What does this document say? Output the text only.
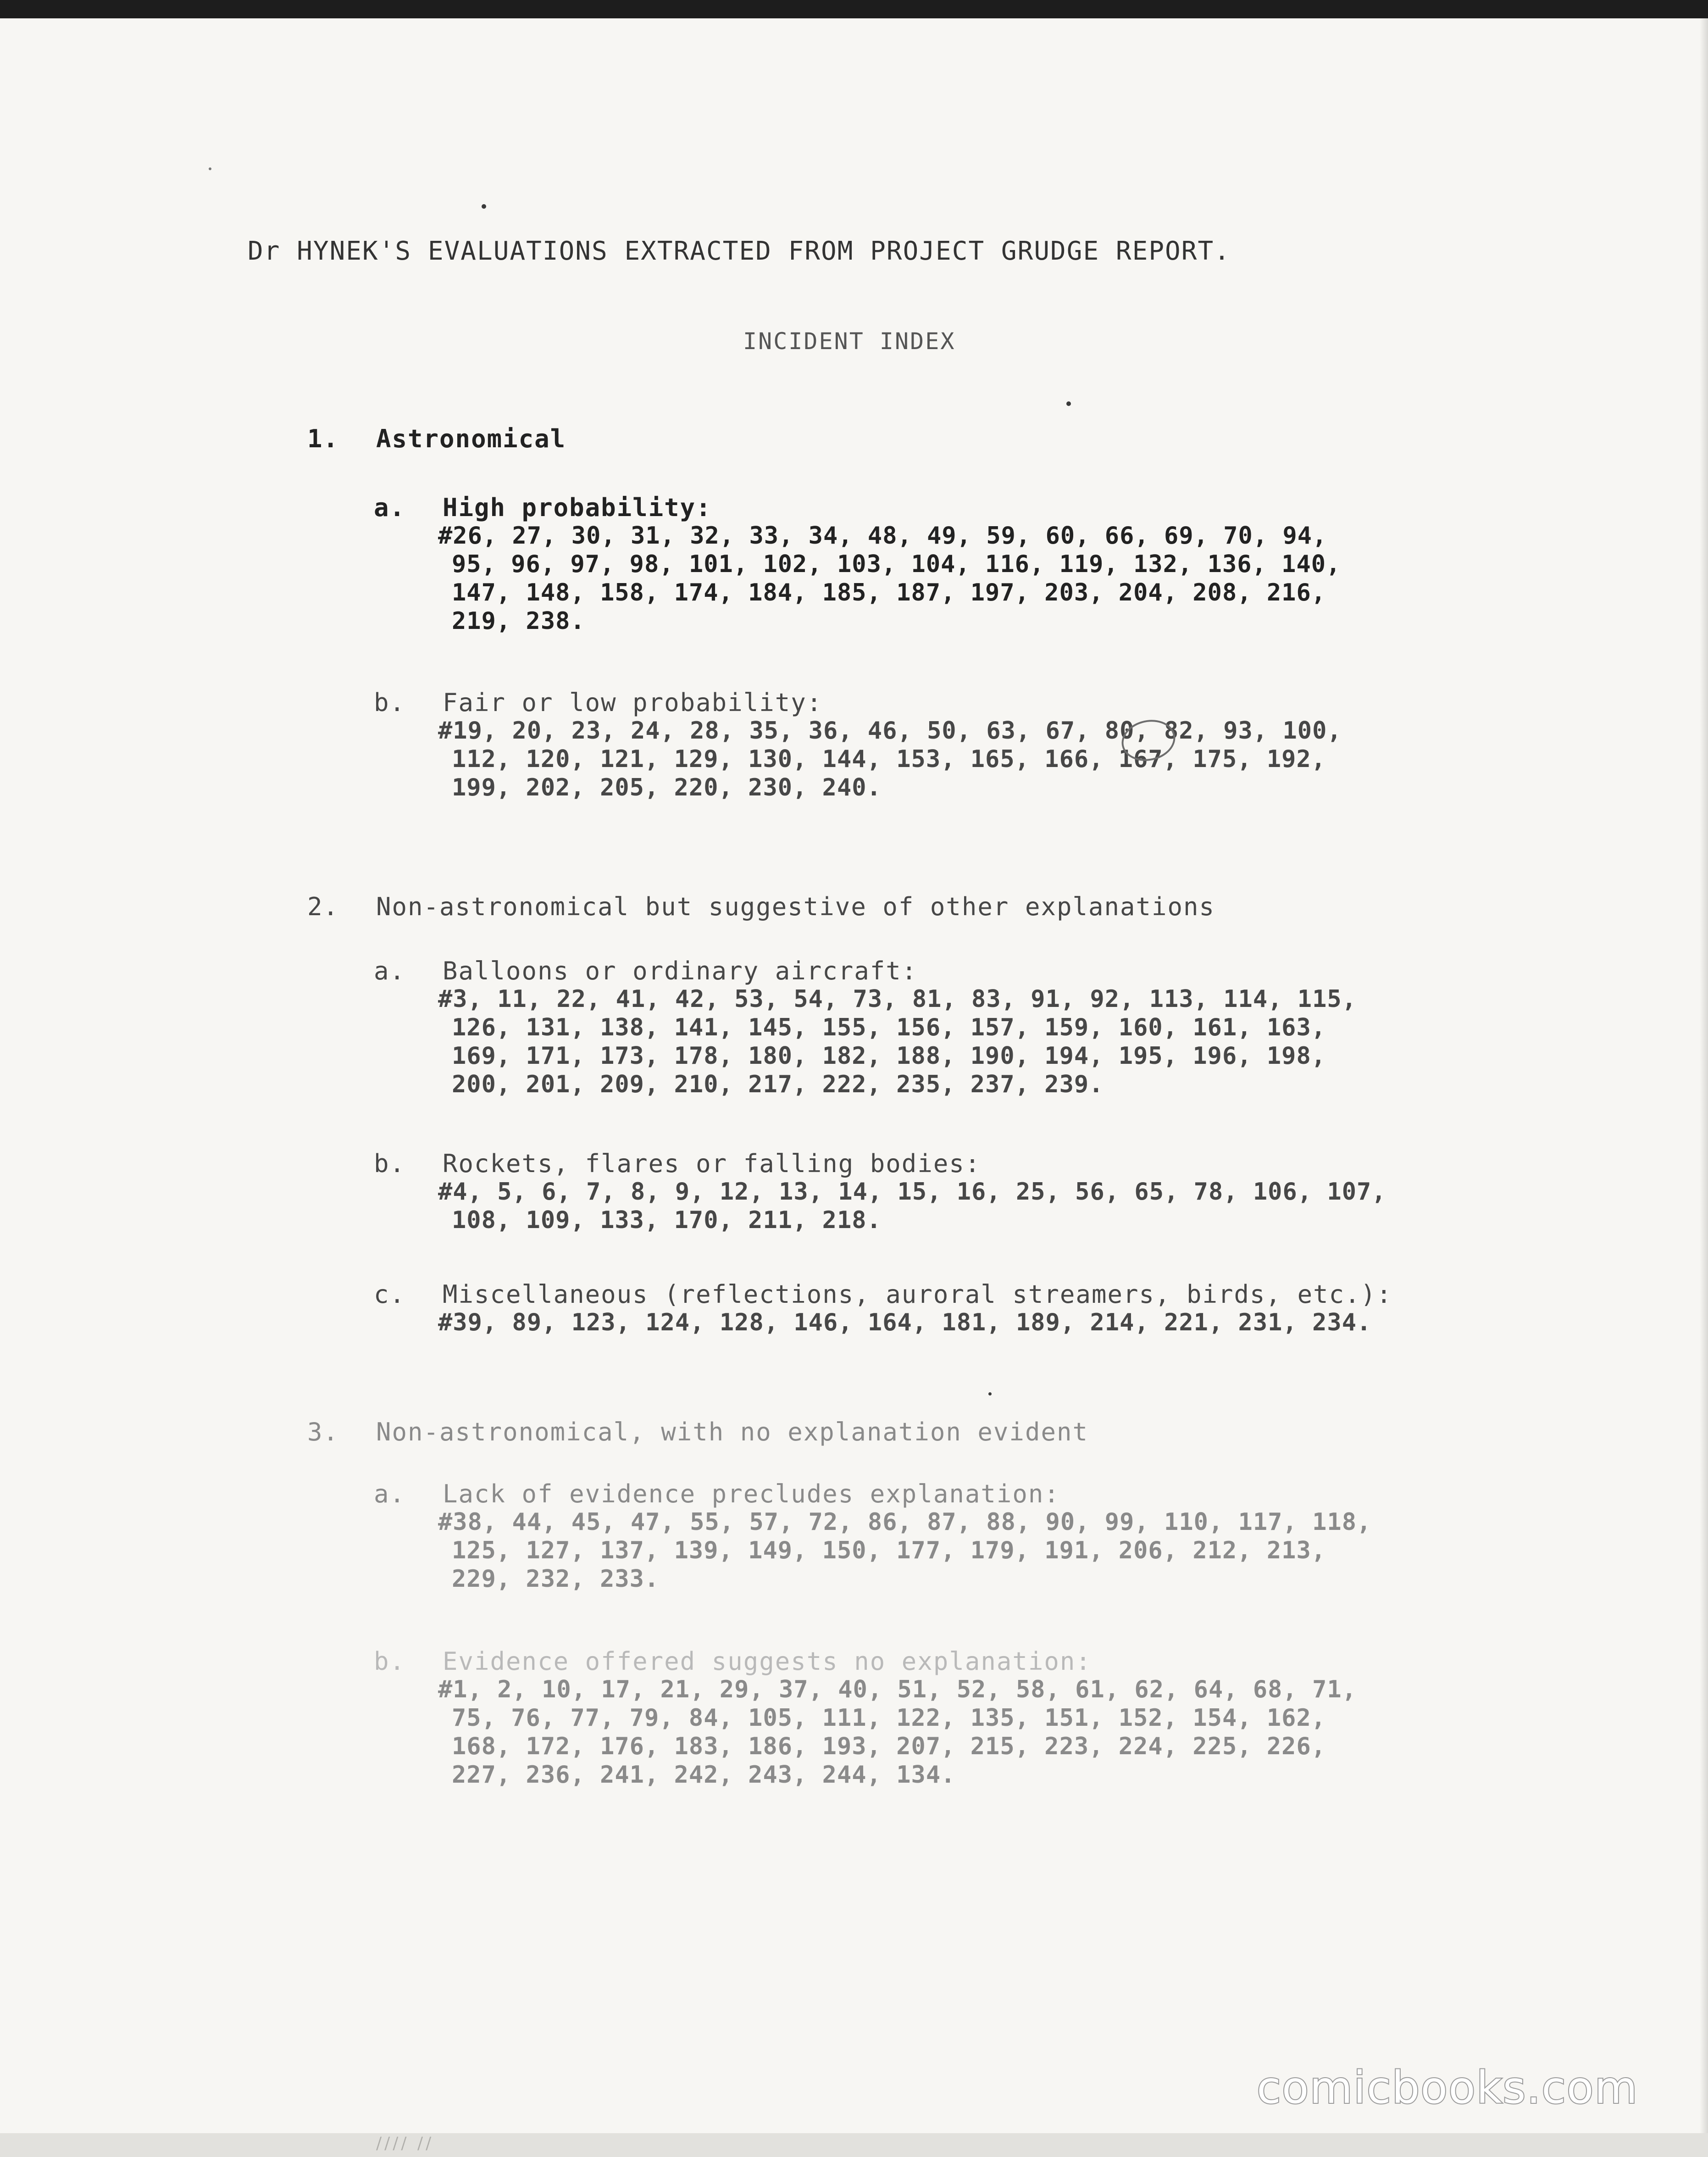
∕∕∕∕ ∕∕
Dr HYNEK'S EVALUATIONS EXTRACTED FROM PROJECT GRUDGE REPORT.
INCIDENT INDEX
1. Astronomical
a. High probability:
#26, 27, 30, 31, 32, 33, 34, 48, 49, 59, 60, 66, 69, 70, 94,
95, 96, 97, 98, 101, 102, 103, 104, 116, 119, 132, 136, 140,
147, 148, 158, 174, 184, 185, 187, 197, 203, 204, 208, 216,
219, 238.
b. Fair or low probability:
#19, 20, 23, 24, 28, 35, 36, 46, 50, 63, 67, 80, 82, 93, 100,
112, 120, 121, 129, 130, 144, 153, 165, 166, 167, 175, 192,
199, 202, 205, 220, 230, 240.
2. Non-astronomical but suggestive of other explanations
a. Balloons or ordinary aircraft:
#3, 11, 22, 41, 42, 53, 54, 73, 81, 83, 91, 92, 113, 114, 115,
126, 131, 138, 141, 145, 155, 156, 157, 159, 160, 161, 163,
169, 171, 173, 178, 180, 182, 188, 190, 194, 195, 196, 198,
200, 201, 209, 210, 217, 222, 235, 237, 239.
b. Rockets, flares or falling bodies:
#4, 5, 6, 7, 8, 9, 12, 13, 14, 15, 16, 25, 56, 65, 78, 106, 107,
108, 109, 133, 170, 211, 218.
c. Miscellaneous (reflections, auroral streamers, birds, etc.):
#39, 89, 123, 124, 128, 146, 164, 181, 189, 214, 221, 231, 234.
3. Non-astronomical, with no explanation evident
a. Lack of evidence precludes explanation:
#38, 44, 45, 47, 55, 57, 72, 86, 87, 88, 90, 99, 110, 117, 118,
125, 127, 137, 139, 149, 150, 177, 179, 191, 206, 212, 213,
229, 232, 233.
b. Evidence offered suggests no explanation:
#1, 2, 10, 17, 21, 29, 37, 40, 51, 52, 58, 61, 62, 64, 68, 71,
75, 76, 77, 79, 84, 105, 111, 122, 135, 151, 152, 154, 162,
168, 172, 176, 183, 186, 193, 207, 215, 223, 224, 225, 226,
227, 236, 241, 242, 243, 244, 134.
comicbooks.com
